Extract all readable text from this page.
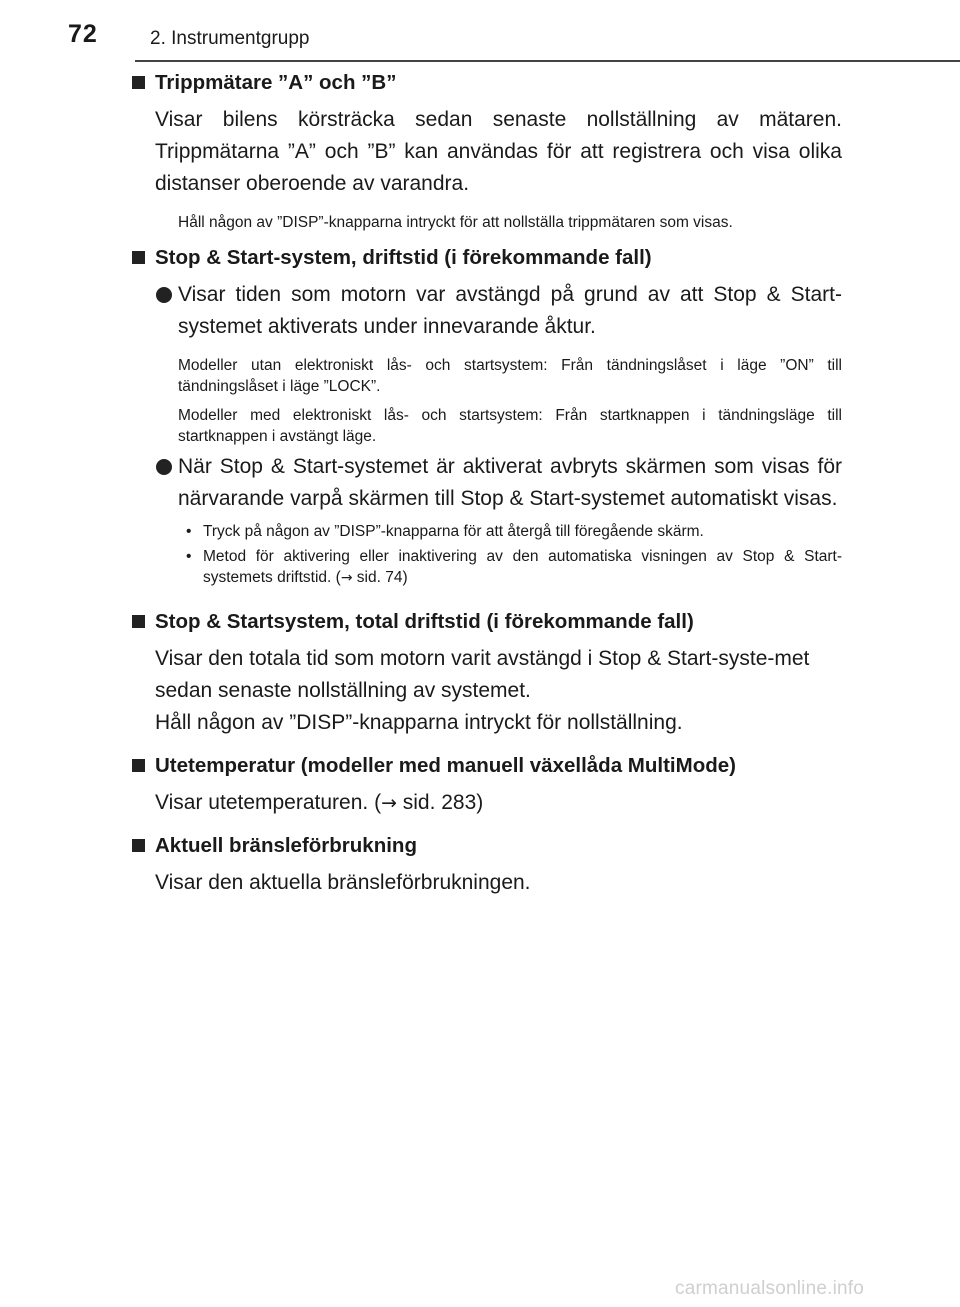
72	2. Instrumentgrupp
Trippmätare ”A” och ”B”
Visar bilens körsträcka sedan senaste nollställning av mätaren. Trippmätarna ”A” och ”B” kan användas för att registrera och visa olika distanser oberoende av varandra.
Håll någon av ”DISP”-knapparna intryckt för att nollställa trippmätaren som visas.
Stop & Start-system, driftstid (i förekommande fall)
Visar tiden som motorn var avstängd på grund av att Stop & Start-systemet aktiverats under innevarande åktur.
Modeller utan elektroniskt lås- och startsystem: Från tändningslåset i läge ”ON” till tändningslåset i läge ”LOCK”.
Modeller med elektroniskt lås- och startsystem: Från startknappen i tändningsläge till startknappen i avstängt läge.
När Stop & Start-systemet är aktiverat avbryts skärmen som visas för närvarande varpå skärmen till Stop & Start-systemet automatiskt visas.
• Tryck på någon av ”DISP”-knapparna för att återgå till föregående skärm.
• Metod för aktivering eller inaktivering av den automatiska visningen av Stop & Start-systemets driftstid. (→ sid. 74)
Stop & Startsystem, total driftstid (i förekommande fall)
Visar den totala tid som motorn varit avstängd i Stop & Start-syste-met sedan senaste nollställning av systemet.
Håll någon av ”DISP”-knapparna intryckt för nollställning.
Utetemperatur (modeller med manuell växellåda MultiMode)
Visar utetemperaturen. (→ sid. 283)
Aktuell bränsleförbrukning
Visar den aktuella bränsleförbrukningen.
carmanualsonline.info
